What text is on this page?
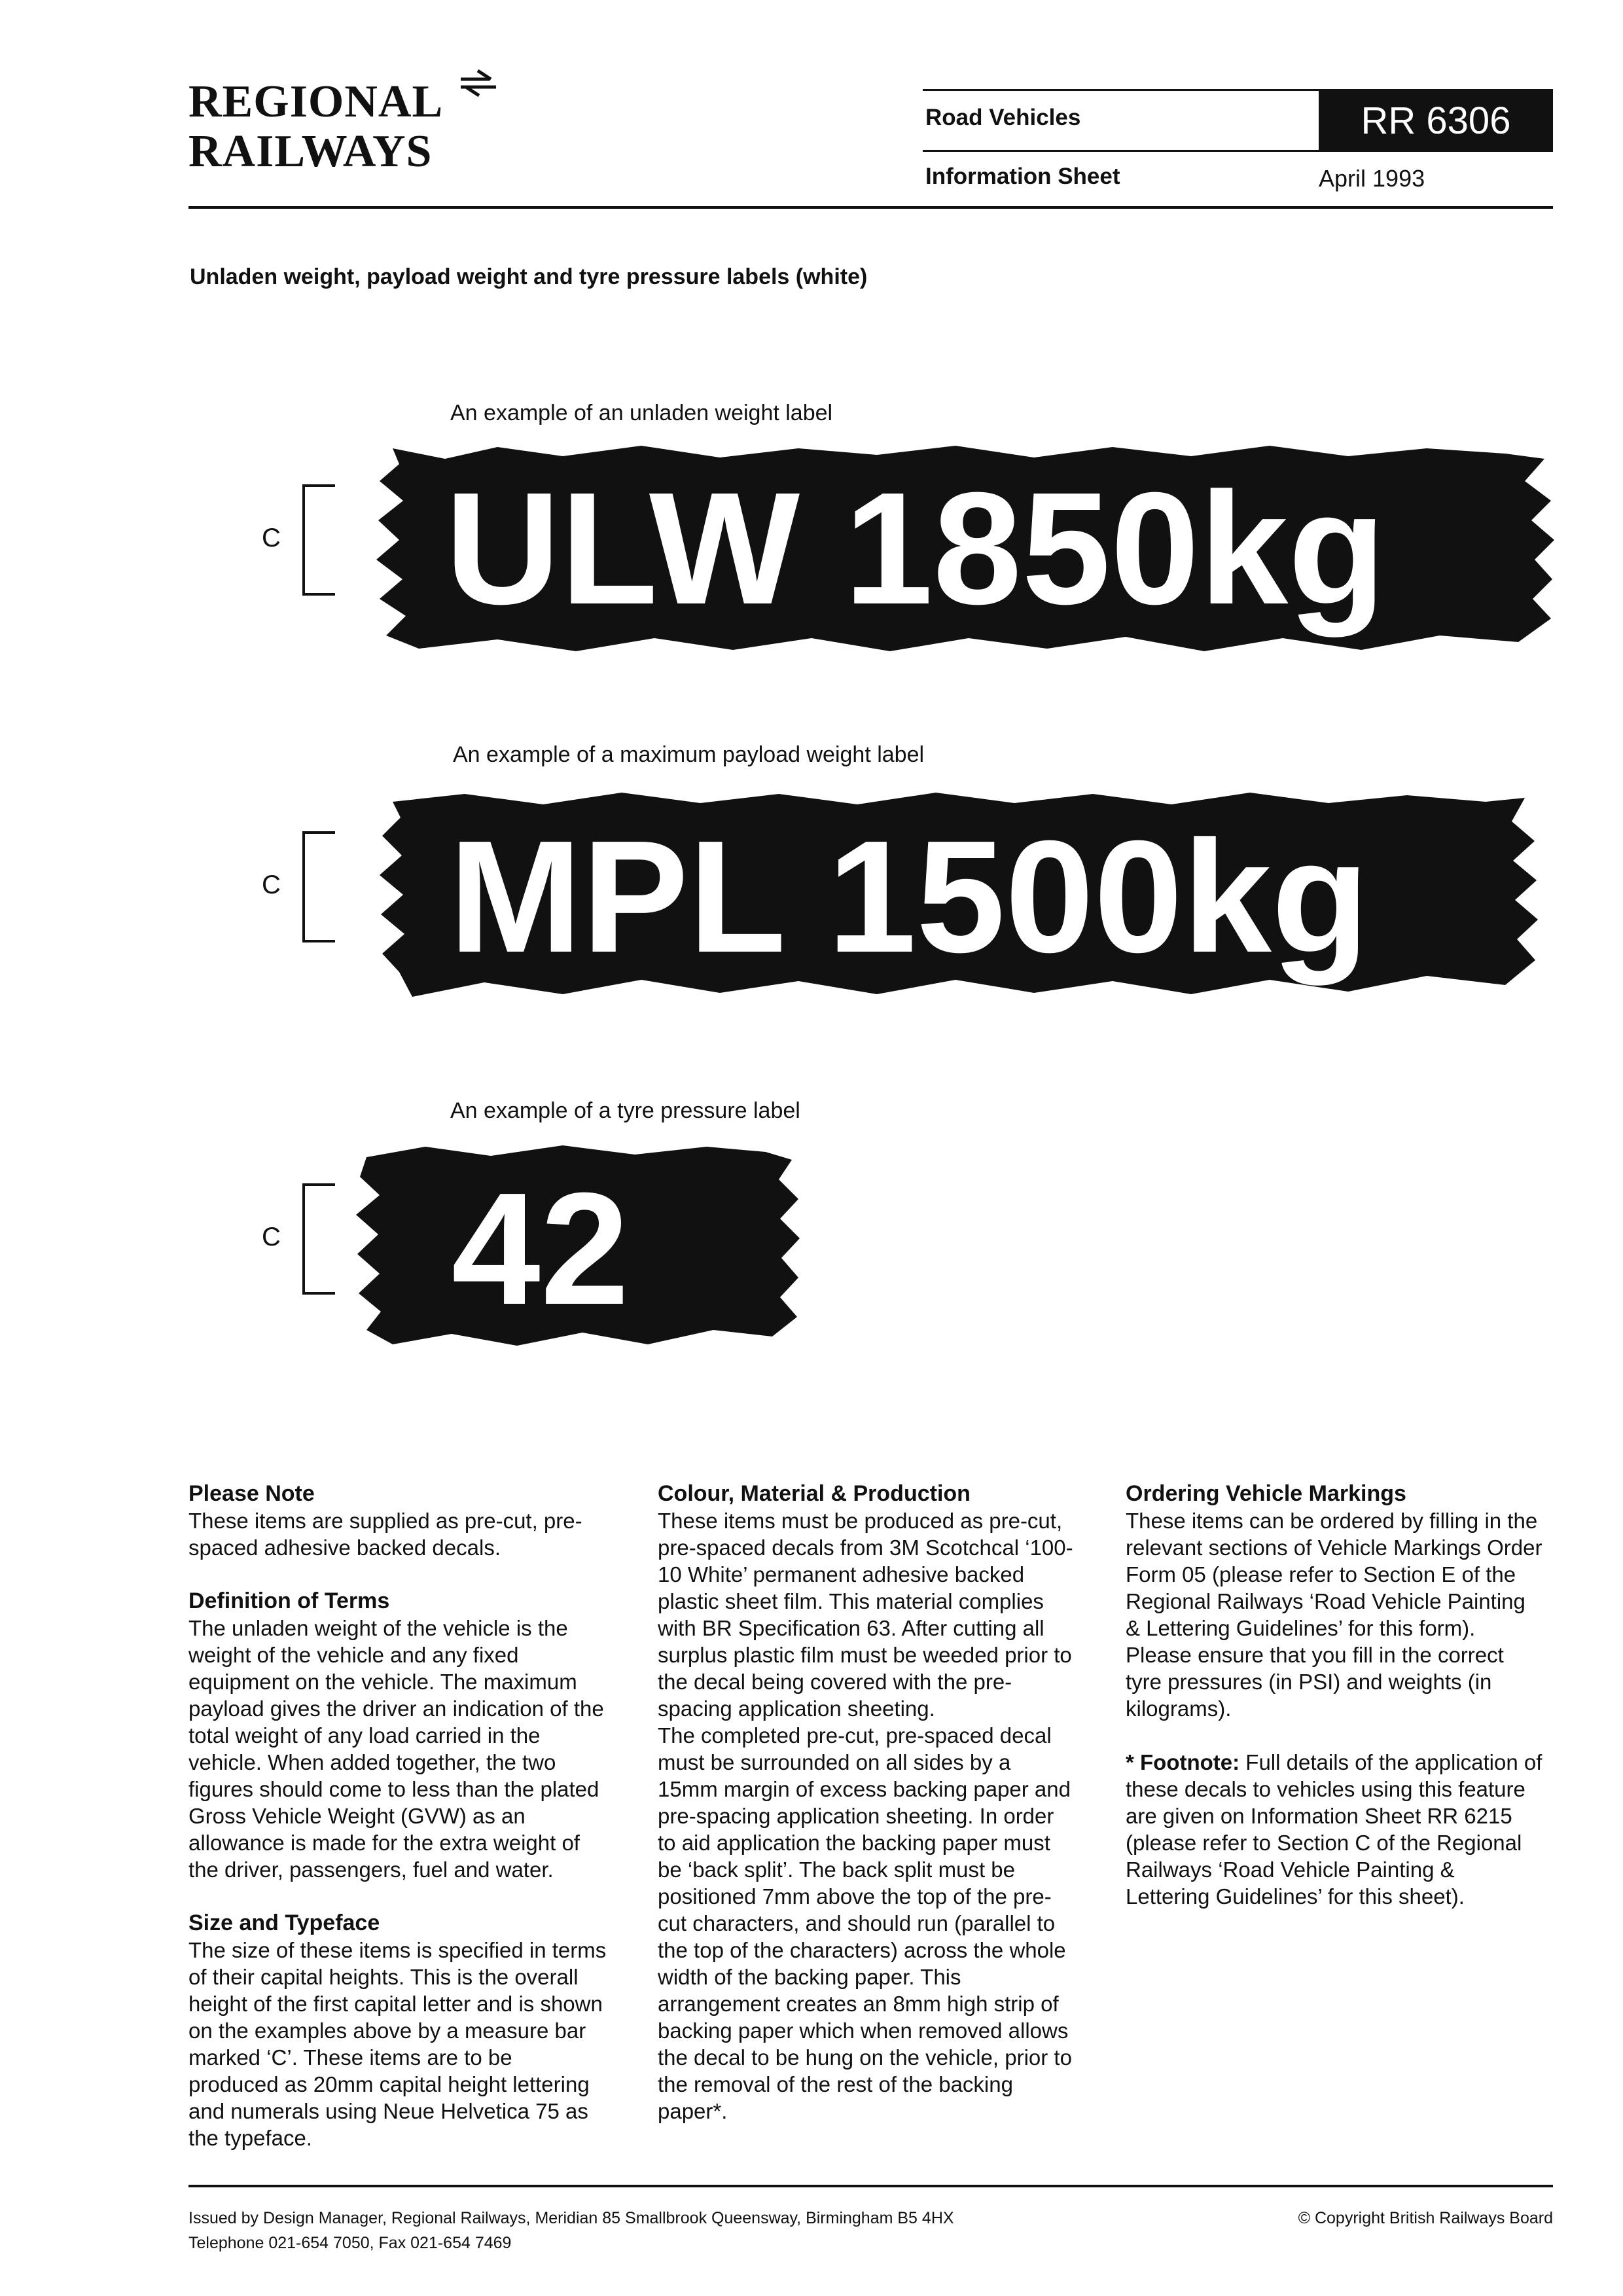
REGIONAL
RAILWAYS
RR 6306
Road Vehicles
Information Sheet	April 1993
Unladen weight, payload weight and tyre pressure labels (white)
An example of an unladen weight label
C ULW 1850kg
An example of a maximum payload weight label
C MPL 1500kg
An example of a tyre pressure label
C 42
Please Note

These items are supplied as pre-cut, pre-spaced adhesive backed decals.

Definition of Terms

The unladen weight of the vehicle is the weight of the vehicle and any fixed equipment on the vehicle. The maximum payload gives the driver an indication of the total weight of any load carried in the vehicle. When added together, the two figures should come to less than the plated Gross Vehicle Weight (GVW) as an allowance is made for the extra weight of the driver, passengers, fuel and water.

Size and Typeface

The size of these items is specified in terms of their capital heights. This is the overall height of the first capital letter and is shown on the examples above by a measure bar marked ‘C’. These items are to be produced as 20mm capital height lettering and numerals using Neue Helvetica 75 as the typeface.

Colour, Material & Production

These items must be produced as pre-cut, pre-spaced decals from 3M Scotchcal ‘100-10 White’ permanent adhesive backed plastic sheet film. This material complies with BR Specification 63. After cutting all surplus plastic film must be weeded prior to the decal being covered with the pre-spacing application sheeting.

The completed pre-cut, pre-spaced decal must be surrounded on all sides by a 15mm margin of excess backing paper and pre-spacing application sheeting. In order to aid application the backing paper must be ‘back split’. The back split must be positioned 7mm above the top of the pre-cut characters, and should run (parallel to the top of the characters) across the whole width of the backing paper. This arrangement creates an 8mm high strip of backing paper which when removed allows the decal to be hung on the vehicle, prior to the removal of the rest of the backing paper*.

Ordering Vehicle Markings

These items can be ordered by filling in the relevant sections of Vehicle Markings Order Form 05 (please refer to Section E of the Regional Railways ‘Road Vehicle Painting & Lettering Guidelines’ for this form). Please ensure that you fill in the correct tyre pressures (in PSI) and weights (in kilograms).

* Footnote: Full details of the application of these decals to vehicles using this feature are given on Information Sheet RR 6215 (please refer to Section C of the Regional Railways ‘Road Vehicle Painting & Lettering Guidelines’ for this sheet).

Issued by Design Manager, Regional Railways, Meridian 85 Smallbrook Queensway, Birmingham B5 4HX
Telephone 021-654 7050, Fax 021-654 7469
© Copyright British Railways Board
